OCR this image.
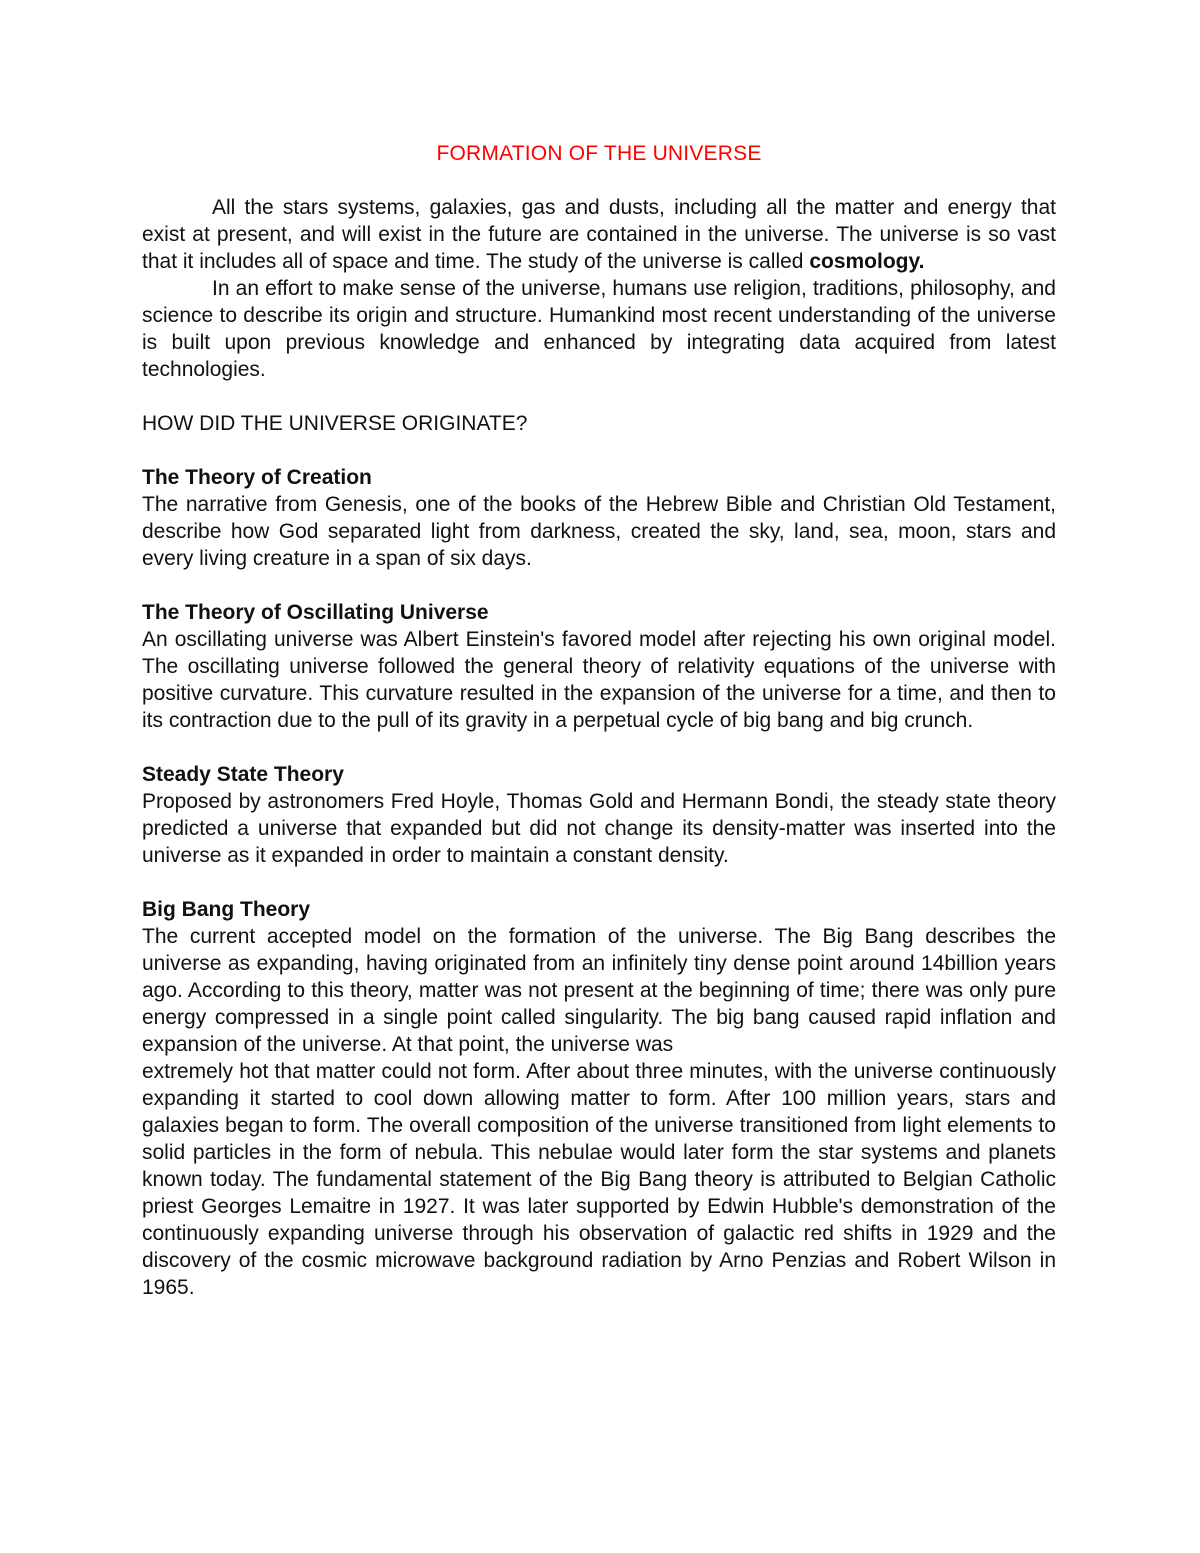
FORMATION OF THE UNIVERSE

All the stars systems, galaxies, gas and dusts, including all the matter and energy that exist at present, and will exist in the future are contained in the universe. The universe is so vast that it includes all of space and time. The study of the universe is called cosmology.

In an effort to make sense of the universe, humans use religion, traditions, philosophy, and science to describe its origin and structure. Humankind most recent understanding of the universe is built upon previous knowledge and enhanced by integrating data acquired from latest technologies.

HOW DID THE UNIVERSE ORIGINATE?
The Theory of Creation

The narrative from Genesis, one of the books of the Hebrew Bible and Christian Old Testament, describe how God separated light from darkness, created the sky, land, sea, moon, stars and every living creature in a span of six days.

The Theory of Oscillating Universe

An oscillating universe was Albert Einstein's favored model after rejecting his own original model. The oscillating universe followed the general theory of relativity equations of the universe with positive curvature. This curvature resulted in the expansion of the universe for a time, and then to its contraction due to the pull of its gravity in a perpetual cycle of big bang and big crunch.

Steady State Theory

Proposed by astronomers Fred Hoyle, Thomas Gold and Hermann Bondi, the steady state theory predicted a universe that expanded but did not change its density-matter was inserted into the universe as it expanded in order to maintain a constant density.

Big Bang Theory

The current accepted model on the formation of the universe. The Big Bang describes the universe as expanding, having originated from an infinitely tiny dense point around 14billion years ago. According to this theory, matter was not present at the beginning of time; there was only pure energy compressed in a single point called singularity. The big bang caused rapid inflation and expansion of the universe. At that point, the universe was

extremely hot that matter could not form. After about three minutes, with the universe continuously expanding it started to cool down allowing matter to form. After 100 million years, stars and galaxies began to form. The overall composition of the universe transitioned from light elements to solid particles in the form of nebula. This nebulae would later form the star systems and planets known today. The fundamental statement of the Big Bang theory is attributed to Belgian Catholic priest Georges Lemaitre in 1927. It was later supported by Edwin Hubble's demonstration of the continuously expanding universe through his observation of galactic red shifts in 1929 and the discovery of the cosmic microwave background radiation by Arno Penzias and Robert Wilson in 1965.
